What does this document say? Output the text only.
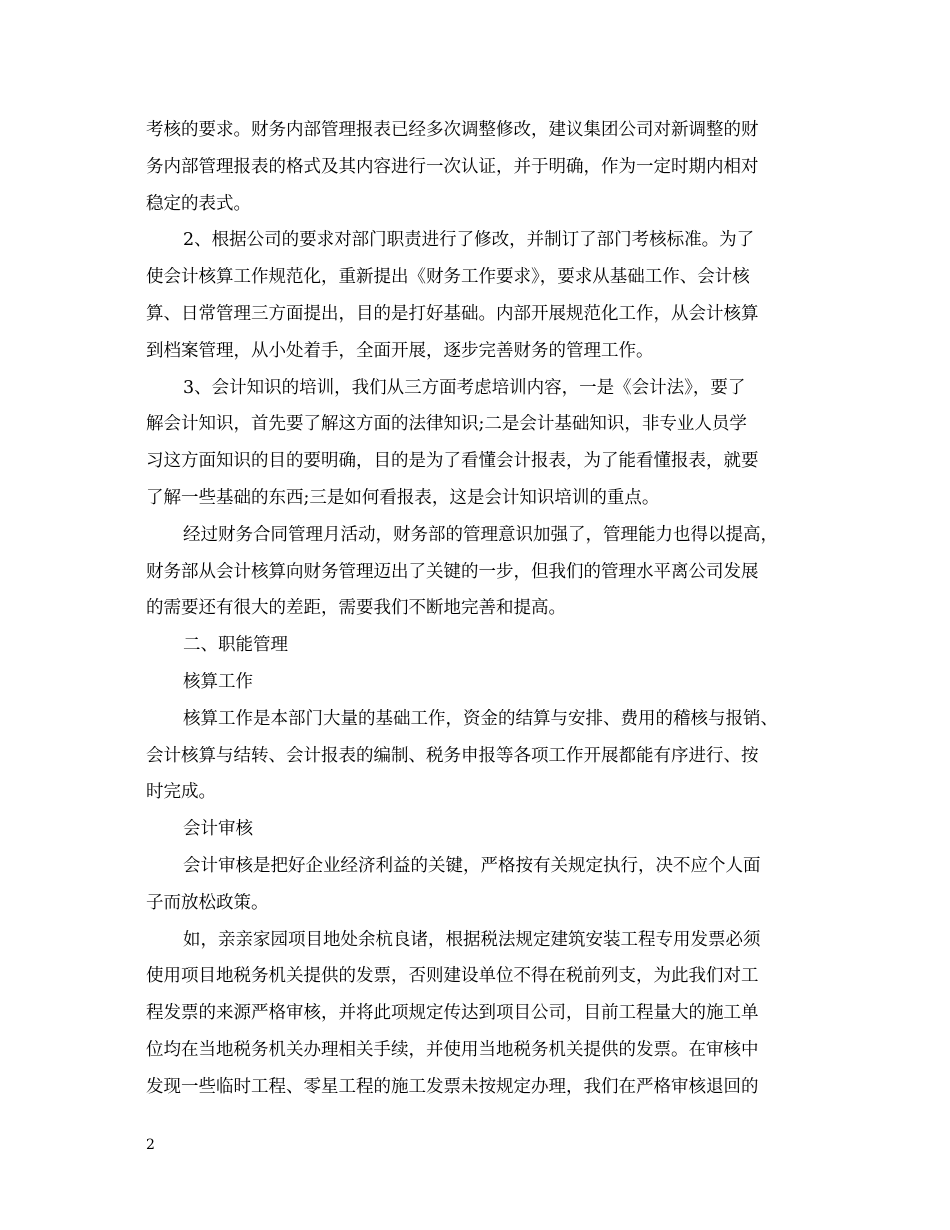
考核的要求。财务内部管理报表已经多次调整修改，建议集团公司对新调整的财
务内部管理报表的格式及其内容进行一次认证，并于明确，作为一定时期内相对
稳定的表式。
2、根据公司的要求对部门职责进行了修改，并制订了部门考核标准。为了
使会计核算工作规范化，重新提出《财务工作要求》，要求从基础工作、会计核
算、日常管理三方面提出，目的是打好基础。内部开展规范化工作，从会计核算
到档案管理，从小处着手，全面开展，逐步完善财务的管理工作。
3、会计知识的培训，我们从三方面考虑培训内容，一是《会计法》，要了
解会计知识，首先要了解这方面的法律知识;二是会计基础知识，非专业人员学
习这方面知识的目的要明确，目的是为了看懂会计报表，为了能看懂报表，就要
了解一些基础的东西;三是如何看报表，这是会计知识培训的重点。
经过财务合同管理月活动，财务部的管理意识加强了，管理能力也得以提高，
财务部从会计核算向财务管理迈出了关键的一步，但我们的管理水平离公司发展
的需要还有很大的差距，需要我们不断地完善和提高。
二、职能管理
核算工作
核算工作是本部门大量的基础工作，资金的结算与安排、费用的稽核与报销、
会计核算与结转、会计报表的编制、税务申报等各项工作开展都能有序进行、按
时完成。
会计审核
会计审核是把好企业经济利益的关键，严格按有关规定执行，决不应个人面
子而放松政策。
如，亲亲家园项目地处余杭良诸，根据税法规定建筑安装工程专用发票必须
使用项目地税务机关提供的发票，否则建设单位不得在税前列支，为此我们对工
程发票的来源严格审核，并将此项规定传达到项目公司，目前工程量大的施工单
位均在当地税务机关办理相关手续，并使用当地税务机关提供的发票。在审核中
发现一些临时工程、零星工程的施工发票未按规定办理，我们在严格审核退回的
2
